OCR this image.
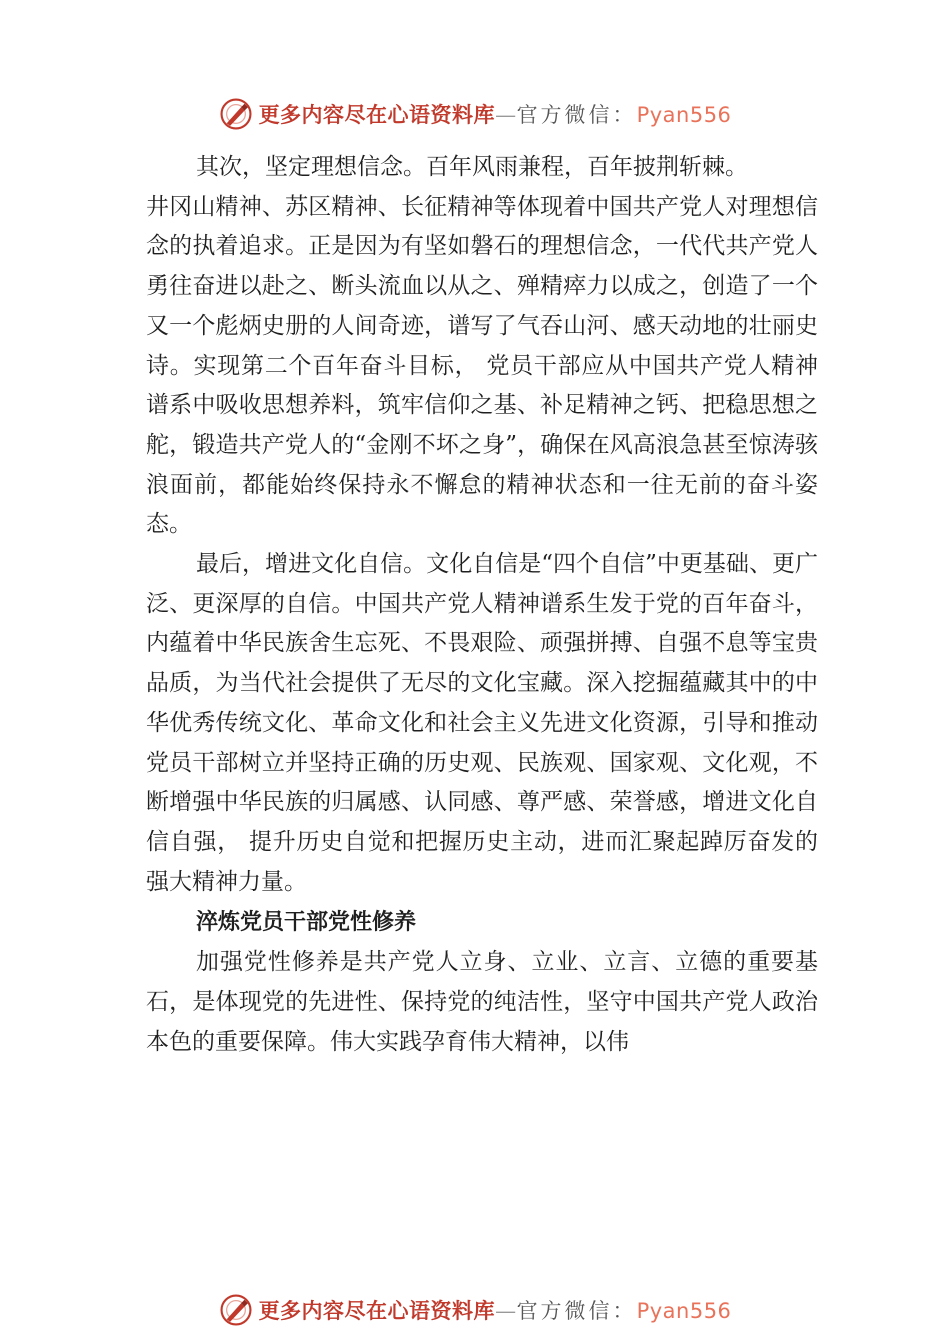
更多内容尽在心语资料库—官方微信：Pyan556

其次，坚定理想信念。百年风雨兼程，百年披荆斩棘。

井冈山精神、苏区精神、长征精神等体现着中国共产党人对理想信念的执着追求。正是因为有坚如磐石的理想信念，一代代共产党人勇往奋进以赴之、断头流血以从之、殚精瘁力以成之，创造了一个又一个彪炳史册的人间奇迹，谱写了气吞山河、感天动地的壮丽史诗。实现第二个百年奋斗目标， 党员干部应从中国共产党人精神谱系中吸收思想养料，筑牢信仰之基、补足精神之钙、把稳思想之舵，锻造共产党人的“金刚不坏之身”，确保在风高浪急甚至惊涛骇浪面前，都能始终保持永不懈怠的精神状态和一往无前的奋斗姿态。

最后，增进文化自信。文化自信是“四个自信”中更基础、更广泛、更深厚的自信。中国共产党人精神谱系生发于党的百年奋斗，内蕴着中华民族舍生忘死、不畏艰险、顽强拼搏、自强不息等宝贵品质，为当代社会提供了无尽的文化宝藏。深入挖掘蕴藏其中的中华优秀传统文化、革命文化和社会主义先进文化资源，引导和推动党员干部树立并坚持正确的历史观、民族观、国家观、文化观，不断增强中华民族的归属感、认同感、尊严感、荣誉感，增进文化自信自强， 提升历史自觉和把握历史主动，进而汇聚起踔厉奋发的强大精神力量。

淬炼党员干部党性修养

加强党性修养是共产党人立身、立业、立言、立德的重要基石，是体现党的先进性、保持党的纯洁性，坚守中国共产党人政治本色的重要保障。伟大实践孕育伟大精神，以伟

更多内容尽在心语资料库—官方微信：Pyan556
